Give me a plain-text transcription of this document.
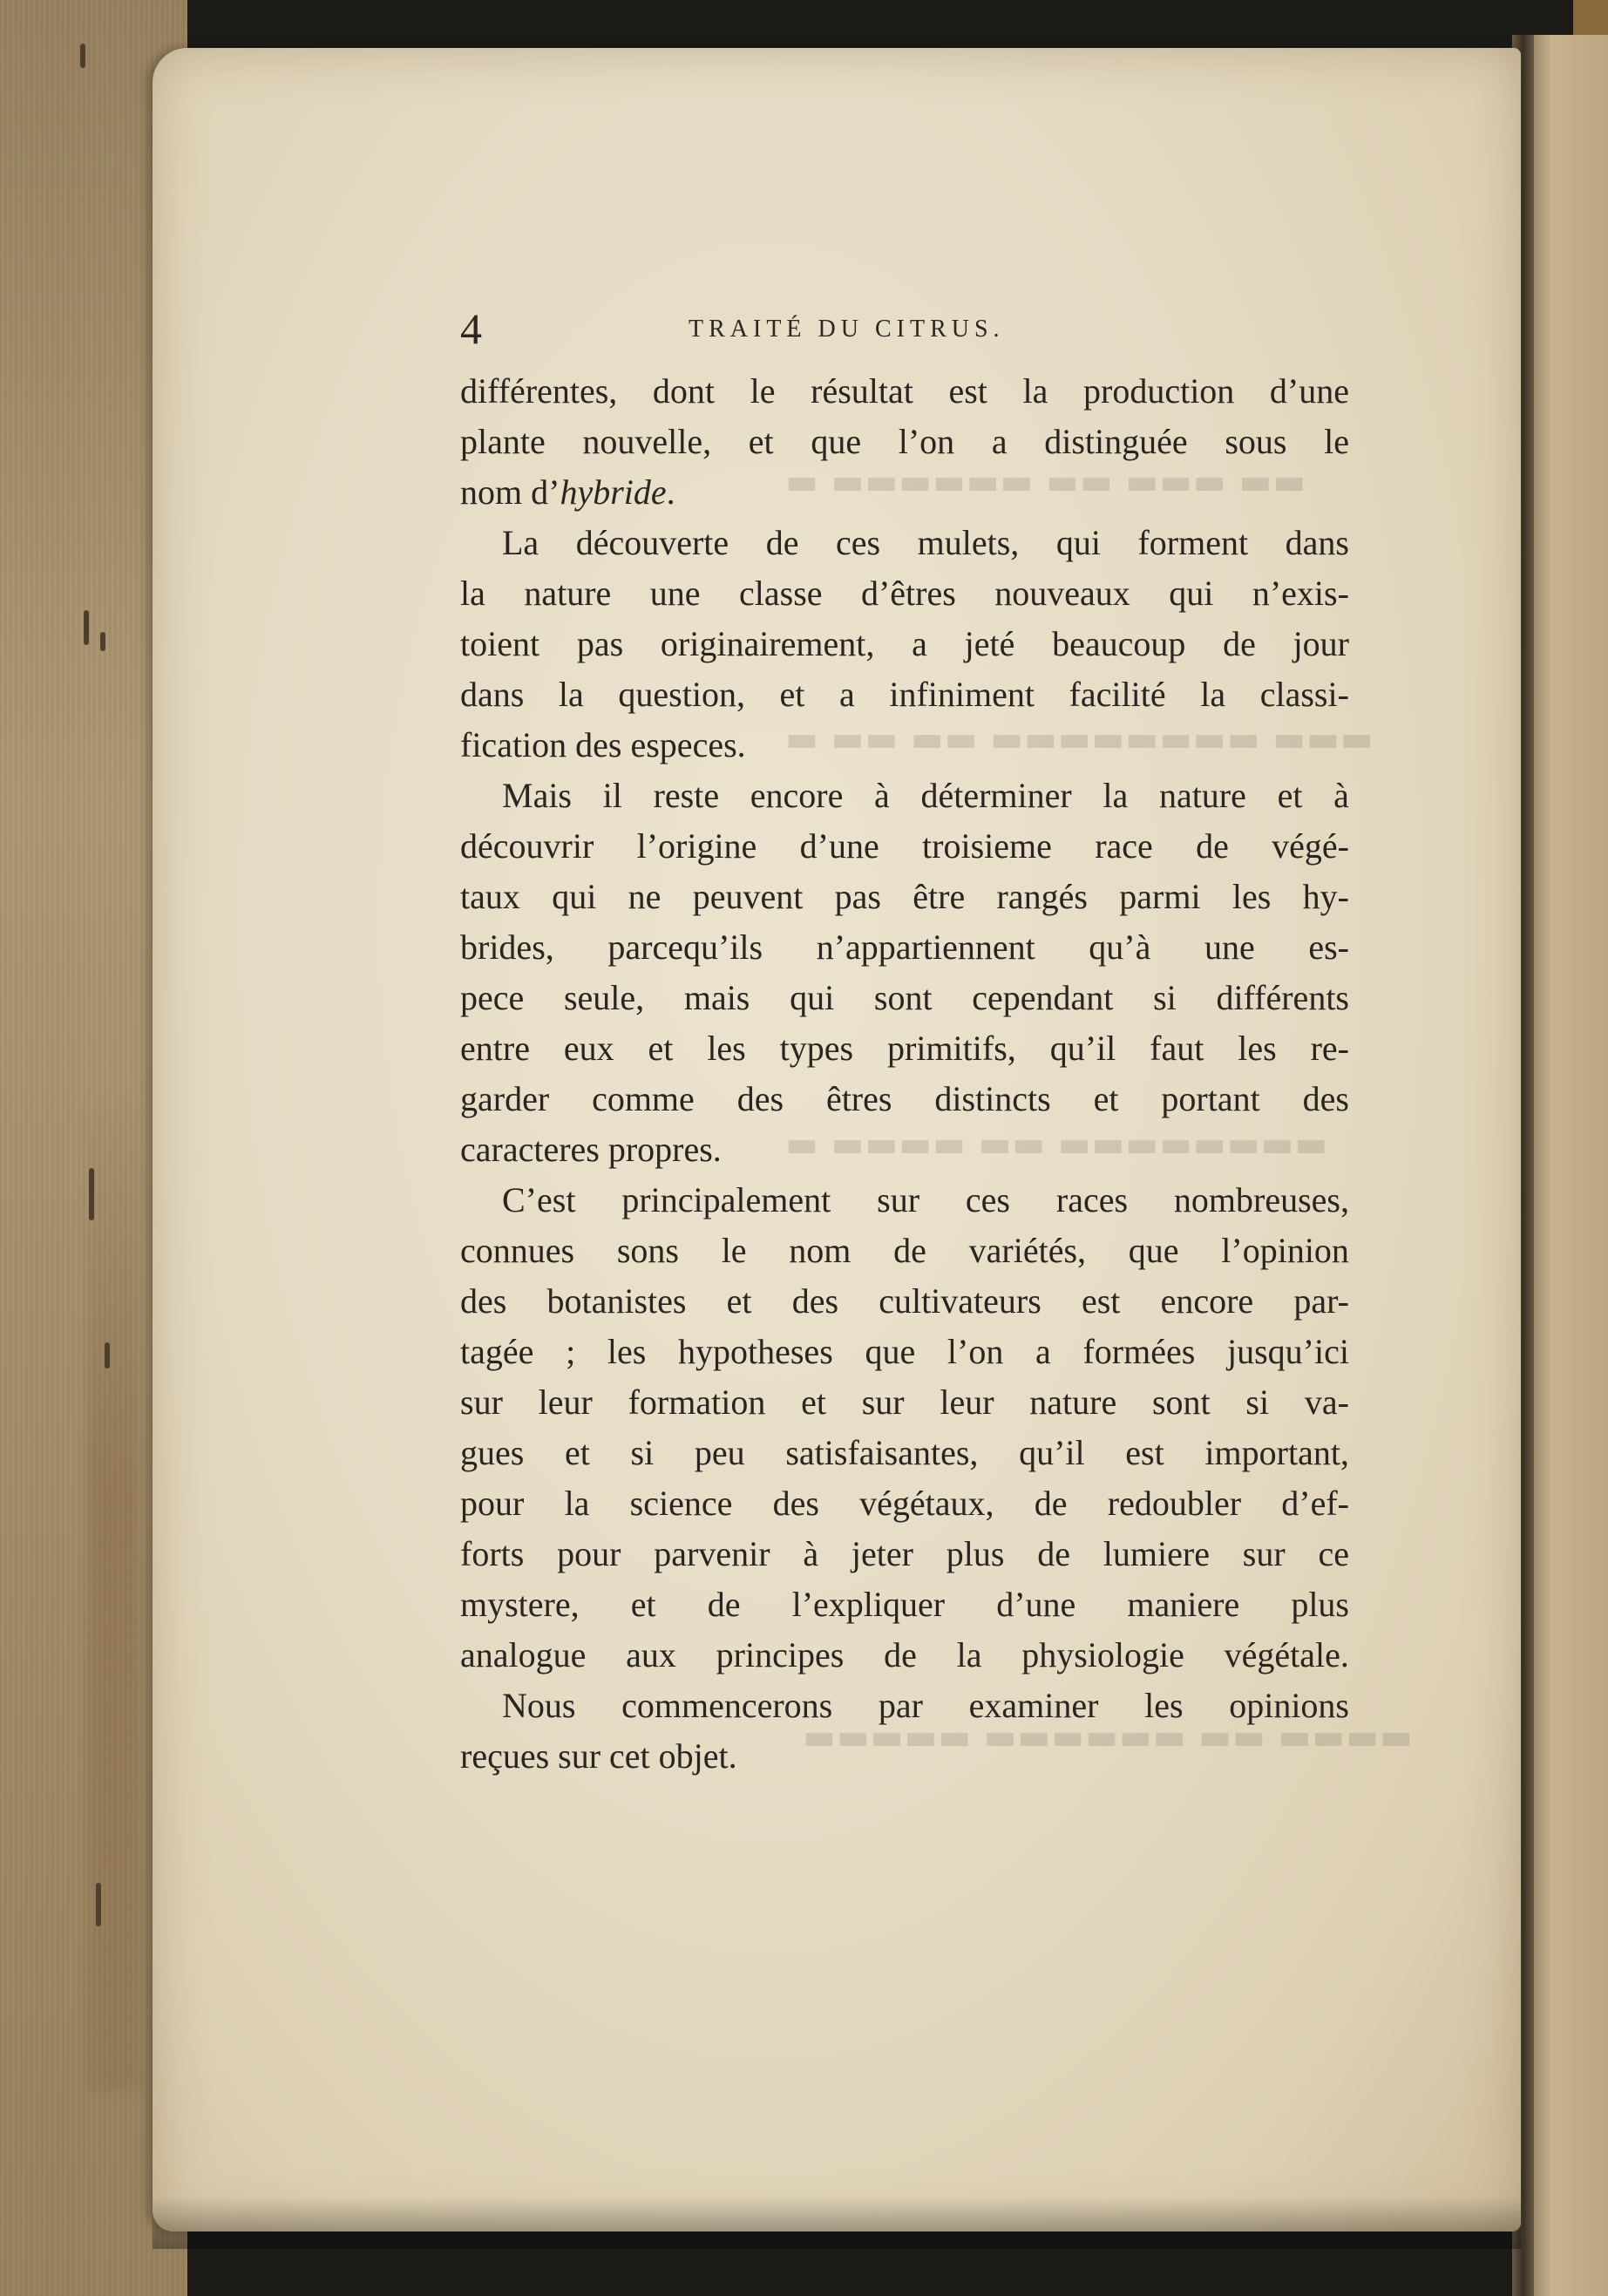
▬▬ ▬▬▬ ▬▬ ▬▬▬▬▬▬ ▬
▬▬▬ ▬▬▬▬▬▬▬▬ ▬▬ ▬▬ ▬
▬▬▬▬▬▬▬▬ ▬▬ ▬▬▬▬ ▬
▬▬▬▬ ▬▬ ▬▬▬▬▬▬ ▬▬▬▬▬
4	TRAITÉ DU CITRUS.
différentes, dont le résultat est la production d’une
plante nouvelle, et que l’on a distinguée sous le
nom d’hybride.
La découverte de ces mulets, qui forment dans
la nature une classe d’êtres nouveaux qui n’exis-
toient pas originairement, a jeté beaucoup de jour
dans la question, et a infiniment facilité la classi-
fication des especes.
Mais il reste encore à déterminer la nature et à
découvrir l’origine d’une troisieme race de végé-
taux qui ne peuvent pas être rangés parmi les hy-
brides, parcequ’ils n’appartiennent qu’à une es-
pece seule, mais qui sont cependant si différents
entre eux et les types primitifs, qu’il faut les re-
garder comme des êtres distincts et portant des
caracteres propres.
C’est principalement sur ces races nombreuses,
connues sons le nom de variétés, que l’opinion
des botanistes et des cultivateurs est encore par-
tagée ; les hypotheses que l’on a formées jusqu’ici
sur leur formation et sur leur nature sont si va-
gues et si peu satisfaisantes, qu’il est important,
pour la science des végétaux, de redoubler d’ef-
forts pour parvenir à jeter plus de lumiere sur ce
mystere, et de l’expliquer d’une maniere plus
analogue aux principes de la physiologie végétale.
Nous commencerons par examiner les opinions
reçues sur cet objet.
